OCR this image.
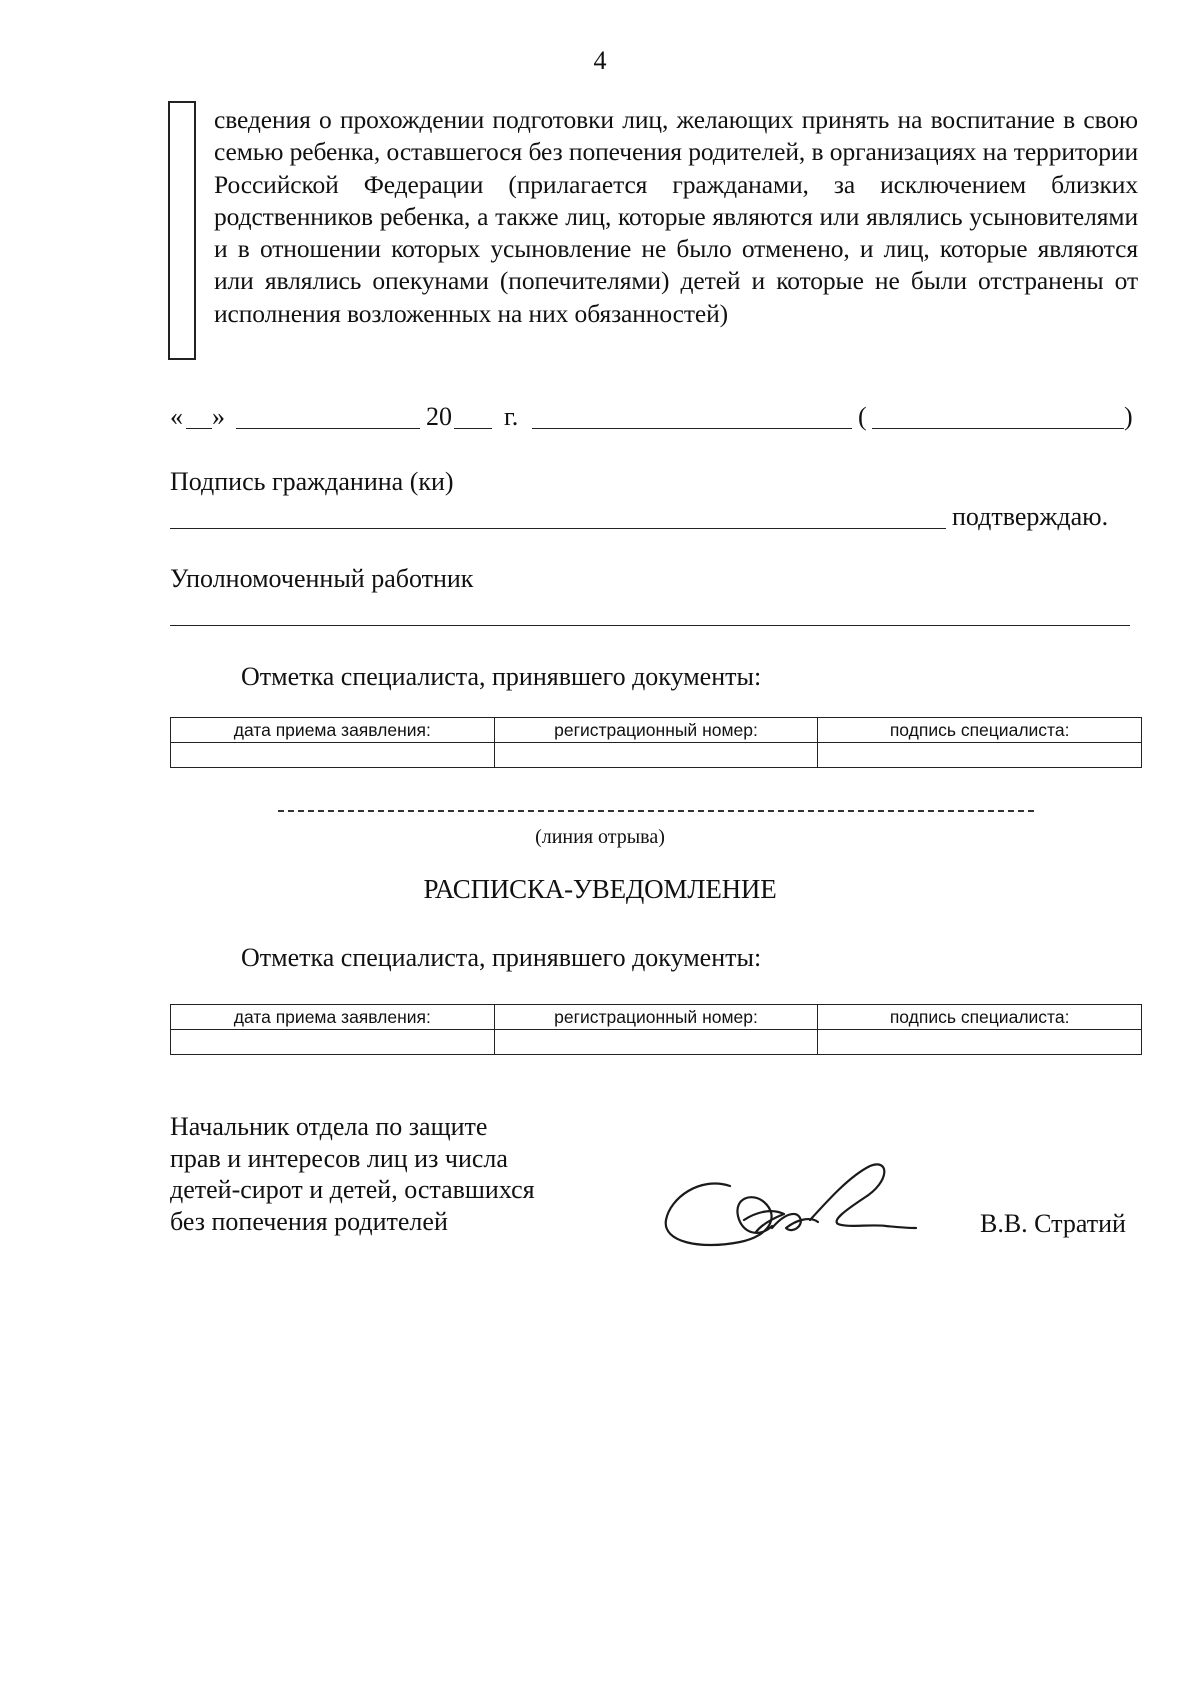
4
сведения о прохождении подготовки лиц, желающих принять на воспитание в свою семью ребенка, оставшегося без попечения родителей, в организациях на территории Российской Федерации (прилагается гражданами, за исключением близких родственников ребенка, а также лиц, которые являются или являлись усыновителями и в отношении которых усыновление не было отменено, и лиц, которые являются или являлись опекунами (попечителями) детей и которые не были отстранены от исполнения возложенных на них обязанностей)
« »	20 г.	(	)
Подпись гражданина (ки)
подтверждаю.
Уполномоченный работник
Отметка специалиста, принявшего документы:
дата приема заявления:	регистрационный номер:	подпись специалиста:

(линия отрыва)
РАСПИСКА-УВЕДОМЛЕНИЕ
Отметка специалиста, принявшего документы:
дата приема заявления:	регистрационный номер:	подпись специалиста:

Начальник отдела по защите
прав и интересов лиц из числа
детей-сирот и детей, оставшихся
без попечения родителей	В.В. Стратий
